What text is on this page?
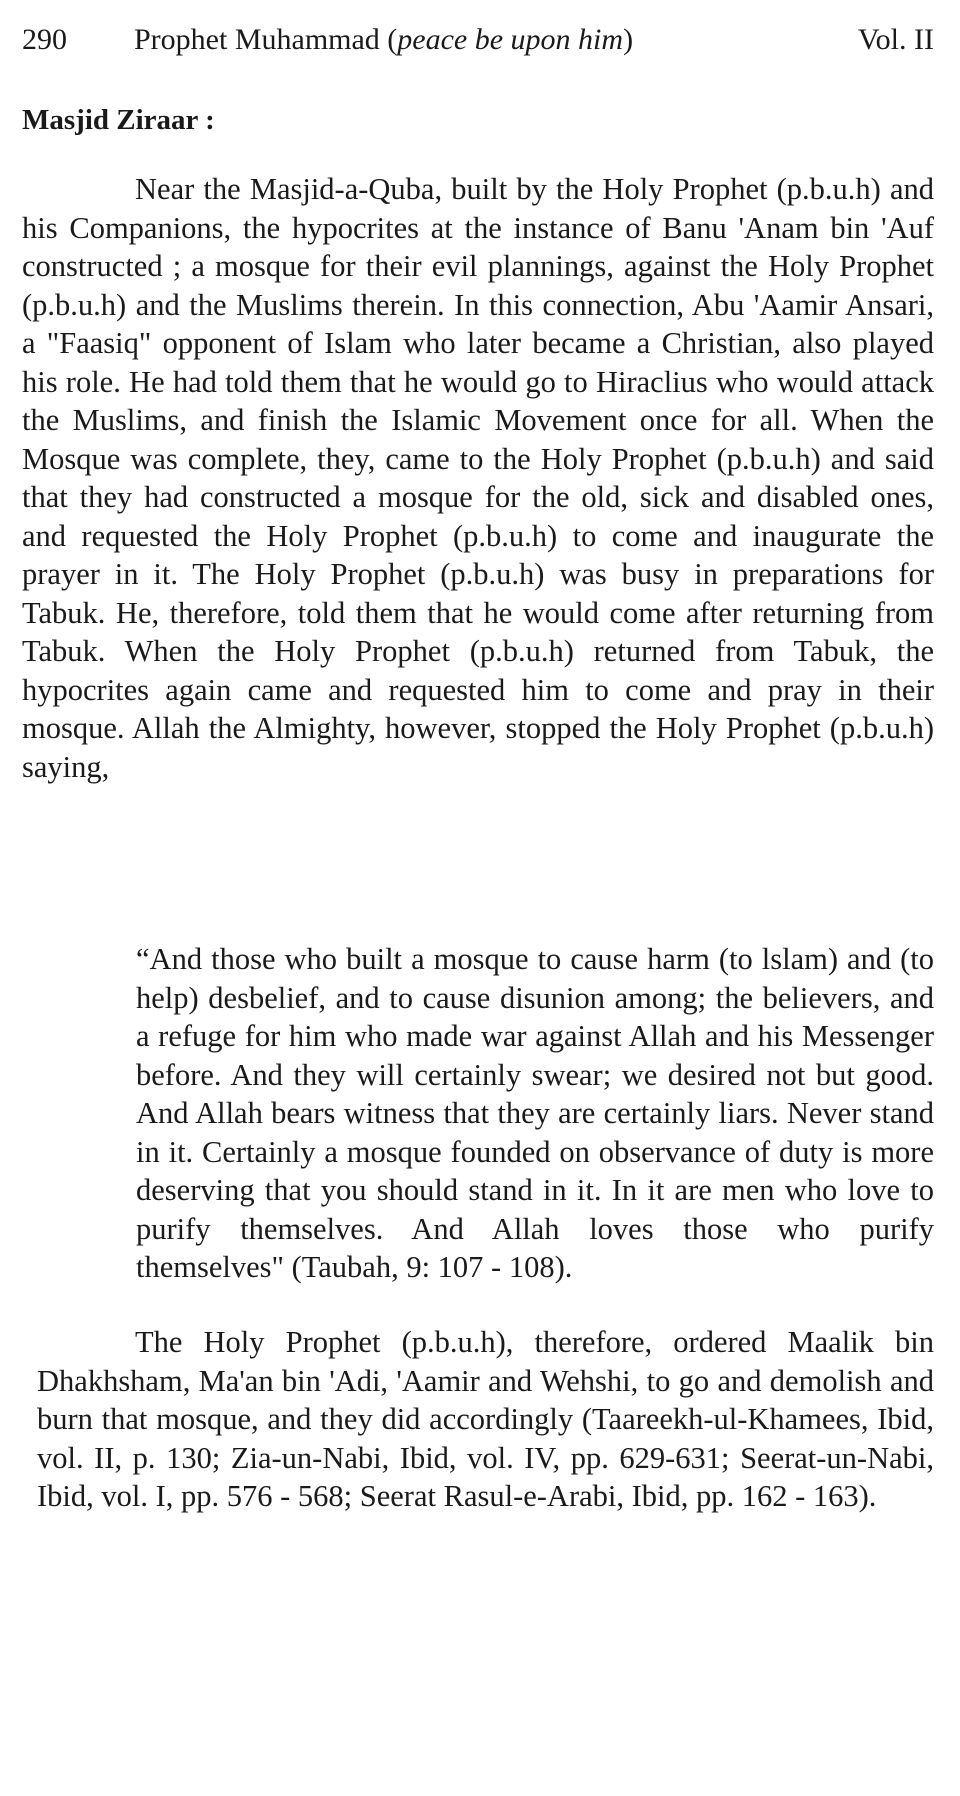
290 Prophet Muhammad (peace be upon him)	Vol. II
Masjid Ziraar :

Near the Masjid-a-Quba, built by the Holy Prophet (p.b.u.h) and his Companions, the hypocrites at the instance of Banu 'Anam bin 'Auf constructed ; a mosque for their evil plannings, against the Holy Prophet (p.b.u.h) and the Muslims therein. In this connection, Abu 'Aamir Ansari, a "Faasiq" opponent of Islam who later became a Christian, also played his role. He had told them that he would go to Hiraclius who would attack the Muslims, and finish the Islamic Movement once for all. When the Mosque was complete, they, came to the Holy Prophet (p.b.u.h) and said that they had constructed a mosque for the old, sick and disabled ones, and requested the Holy Prophet (p.b.u.h) to come and inaugurate the prayer in it. The Holy Prophet (p.b.u.h) was busy in preparations for Tabuk. He, therefore, told them that he would come after returning from Tabuk. When the Holy Prophet (p.b.u.h) returned from Tabuk, the hypocrites again came and requested him to come and pray in their mosque. Allah the Almighty, however, stopped the Holy Prophet (p.b.u.h) saying,

“And those who built a mosque to cause harm (to lslam) and (to help) desbelief, and to cause disunion among; the believers, and a refuge for him who made war against Allah and his Messenger before. And they will certainly swear; we desired not but good. And Allah bears witness that they are certainly liars. Never stand in it. Certainly a mosque founded on observance of duty is more deserving that you should stand in it. In it are men who love to purify themselves. And Allah loves those who purify themselves" (Taubah, 9: 107 - 108).

The Holy Prophet (p.b.u.h), therefore, ordered Maalik bin Dhakhsham, Ma'an bin 'Adi, 'Aamir and Wehshi, to go and demolish and burn that mosque, and they did accordingly (Taareekh-ul-Khamees, Ibid, vol. II, p. 130; Zia-un-Nabi, Ibid, vol. IV, pp. 629-631; Seerat-un-Nabi, Ibid, vol. I, pp. 576 - 568; Seerat Rasul-e-Arabi, Ibid, pp. 162 - 163).
